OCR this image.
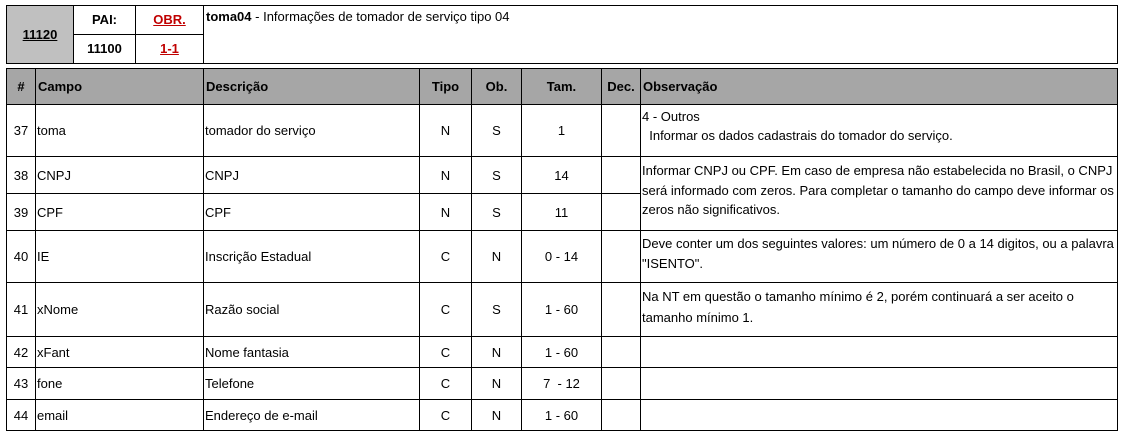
11120	PAI:	OBR.	toma04 - Informações de tomador de serviço tipo 04
	11100	1-1	
#	Campo	Descrição	Tipo	Ob.	Tam.	Dec.	Observação
37	toma	tomador do serviço	N	S	1		4 - Outros
Informar os dados cadastrais do tomador do serviço.

38	CNPJ	CNPJ	N	S	14		Informar CNPJ ou CPF. Em caso de empresa não estabelecida no Brasil, o CNPJ será informado com zeros. Para completar o tamanho do campo deve informar os zeros não significativos.
39	CPF	CPF	N	S	11		
40	IE	Inscrição Estadual	C	N	0 - 14		Deve conter um dos seguintes valores: um número de 0 a 14 digitos, ou a palavra "ISENTO".
41	xNome	Razão social	C	S	1 - 60		Na NT em questão o tamanho mínimo é 2, porém continuará a ser aceito o tamanho mínimo 1.
42	xFant	Nome fantasia	C	N	1 - 60		
43	fone	Telefone	C	N	7  - 12		
44	email	Endereço de e-mail	C	N	1 - 60		
